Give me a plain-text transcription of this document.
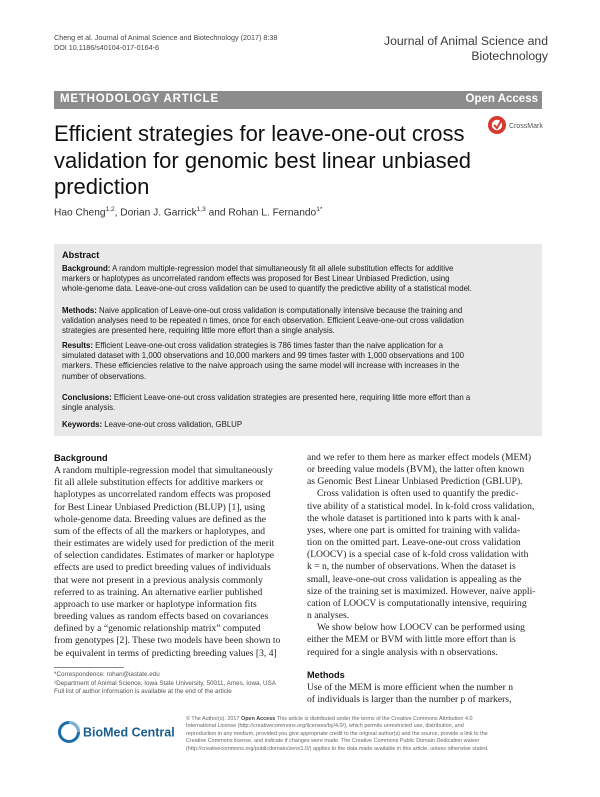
Cheng et al. Journal of Animal Science and Biotechnology (2017) 8:38
DOI 10.1186/s40104-017-0164-6	Journal of Animal Science and
Biotechnology
METHODOLOGY ARTICLE	Open Access
Efficient strategies for leave-one-out cross
validation for genomic best linear unbiased
prediction
CrossMark
Hao Cheng$^{1,2}$, Dorian J. Garrick$^{1,3}$ and Rohan L. Fernando$^{1*}$
Abstract
Background: A random multiple-regression model that simultaneously fit all allele substitution effects for additive
markers or haplotypes as uncorrelated random effects was proposed for Best Linear Unbiased Prediction, using
whole-genome data. Leave-one-out cross validation can be used to quantify the predictive ability of a statistical model.
Methods: Naive application of Leave-one-out cross validation is computationally intensive because the training and
validation analyses need to be repeated n times, once for each observation. Efficient Leave-one-out cross validation
strategies are presented here, requiring little more effort than a single analysis.
Results: Efficient Leave-one-out cross validation strategies is 786 times faster than the naive application for a
simulated dataset with 1,000 observations and 10,000 markers and 99 times faster with 1,000 observations and 100
markers. These efficiencies relative to the naive approach using the same model will increase with increases in the
number of observations.
Conclusions: Efficient Leave-one-out cross validation strategies are presented here, requiring little more effort than a
single analysis.
Keywords: Leave-one-out cross validation, GBLUP
Background
A random multiple-regression model that simultaneously
fit all allele substitution effects for additive markers or
haplotypes as uncorrelated random effects was proposed
for Best Linear Unbiased Prediction (BLUP) [1], using
whole-genome data. Breeding values are defined as the
sum of the effects of all the markers or haplotypes, and
their estimates are widely used for prediction of the merit
of selection candidates. Estimates of marker or haplotype
effects are used to predict breeding values of individuals
that were not present in a previous analysis commonly
referred to as training. An alternative earlier published
approach to use marker or haplotype information fits
breeding values as random effects based on covariances
defined by a “genomic relationship matrix” computed
from genotypes [2]. These two models have been shown to
be equivalent in terms of predicting breeding values [3, 4]
and we refer to them here as marker effect models (MEM)
or breeding value models (BVM), the latter often known
as Genomic Best Linear Unbiased Prediction (GBLUP).
Cross validation is often used to quantify the predic-
tive ability of a statistical model. In k-fold cross validation,
the whole dataset is partitioned into k parts with k anal-
yses, where one part is omitted for training with valida-
tion on the omitted part. Leave-one-out cross validation
(LOOCV) is a special case of k-fold cross validation with
k = n, the number of observations. When the dataset is
small, leave-one-out cross validation is appealing as the
size of the training set is maximized. However, naive appli-
cation of LOOCV is computationally intensive, requiring
n analyses.
We show below how LOOCV can be performed using
either the MEM or BVM with little more effort than is
required for a single analysis with n observations.
Methods
Use of the MEM is more efficient when the number n
of individuals is larger than the number p of markers,
*Correspondence: rohan@iastate.edu
¹Department of Animal Science, Iowa State University, 50011, Ames, Iowa, USA
Full list of author information is available at the end of the article
BioMed Central
© The Author(s). 2017 Open Access This article is distributed under the terms of the Creative Commons Attribution 4.0
International License (http://creativecommons.org/licenses/by/4.0/), which permits unrestricted use, distribution, and
reproduction in any medium, provided you give appropriate credit to the original author(s) and the source, provide a link to the
Creative Commons license, and indicate if changes were made. The Creative Commons Public Domain Dedication waiver
(http://creativecommons.org/publicdomain/zero/1.0/) applies to the data made available in this article, unless otherwise stated.
